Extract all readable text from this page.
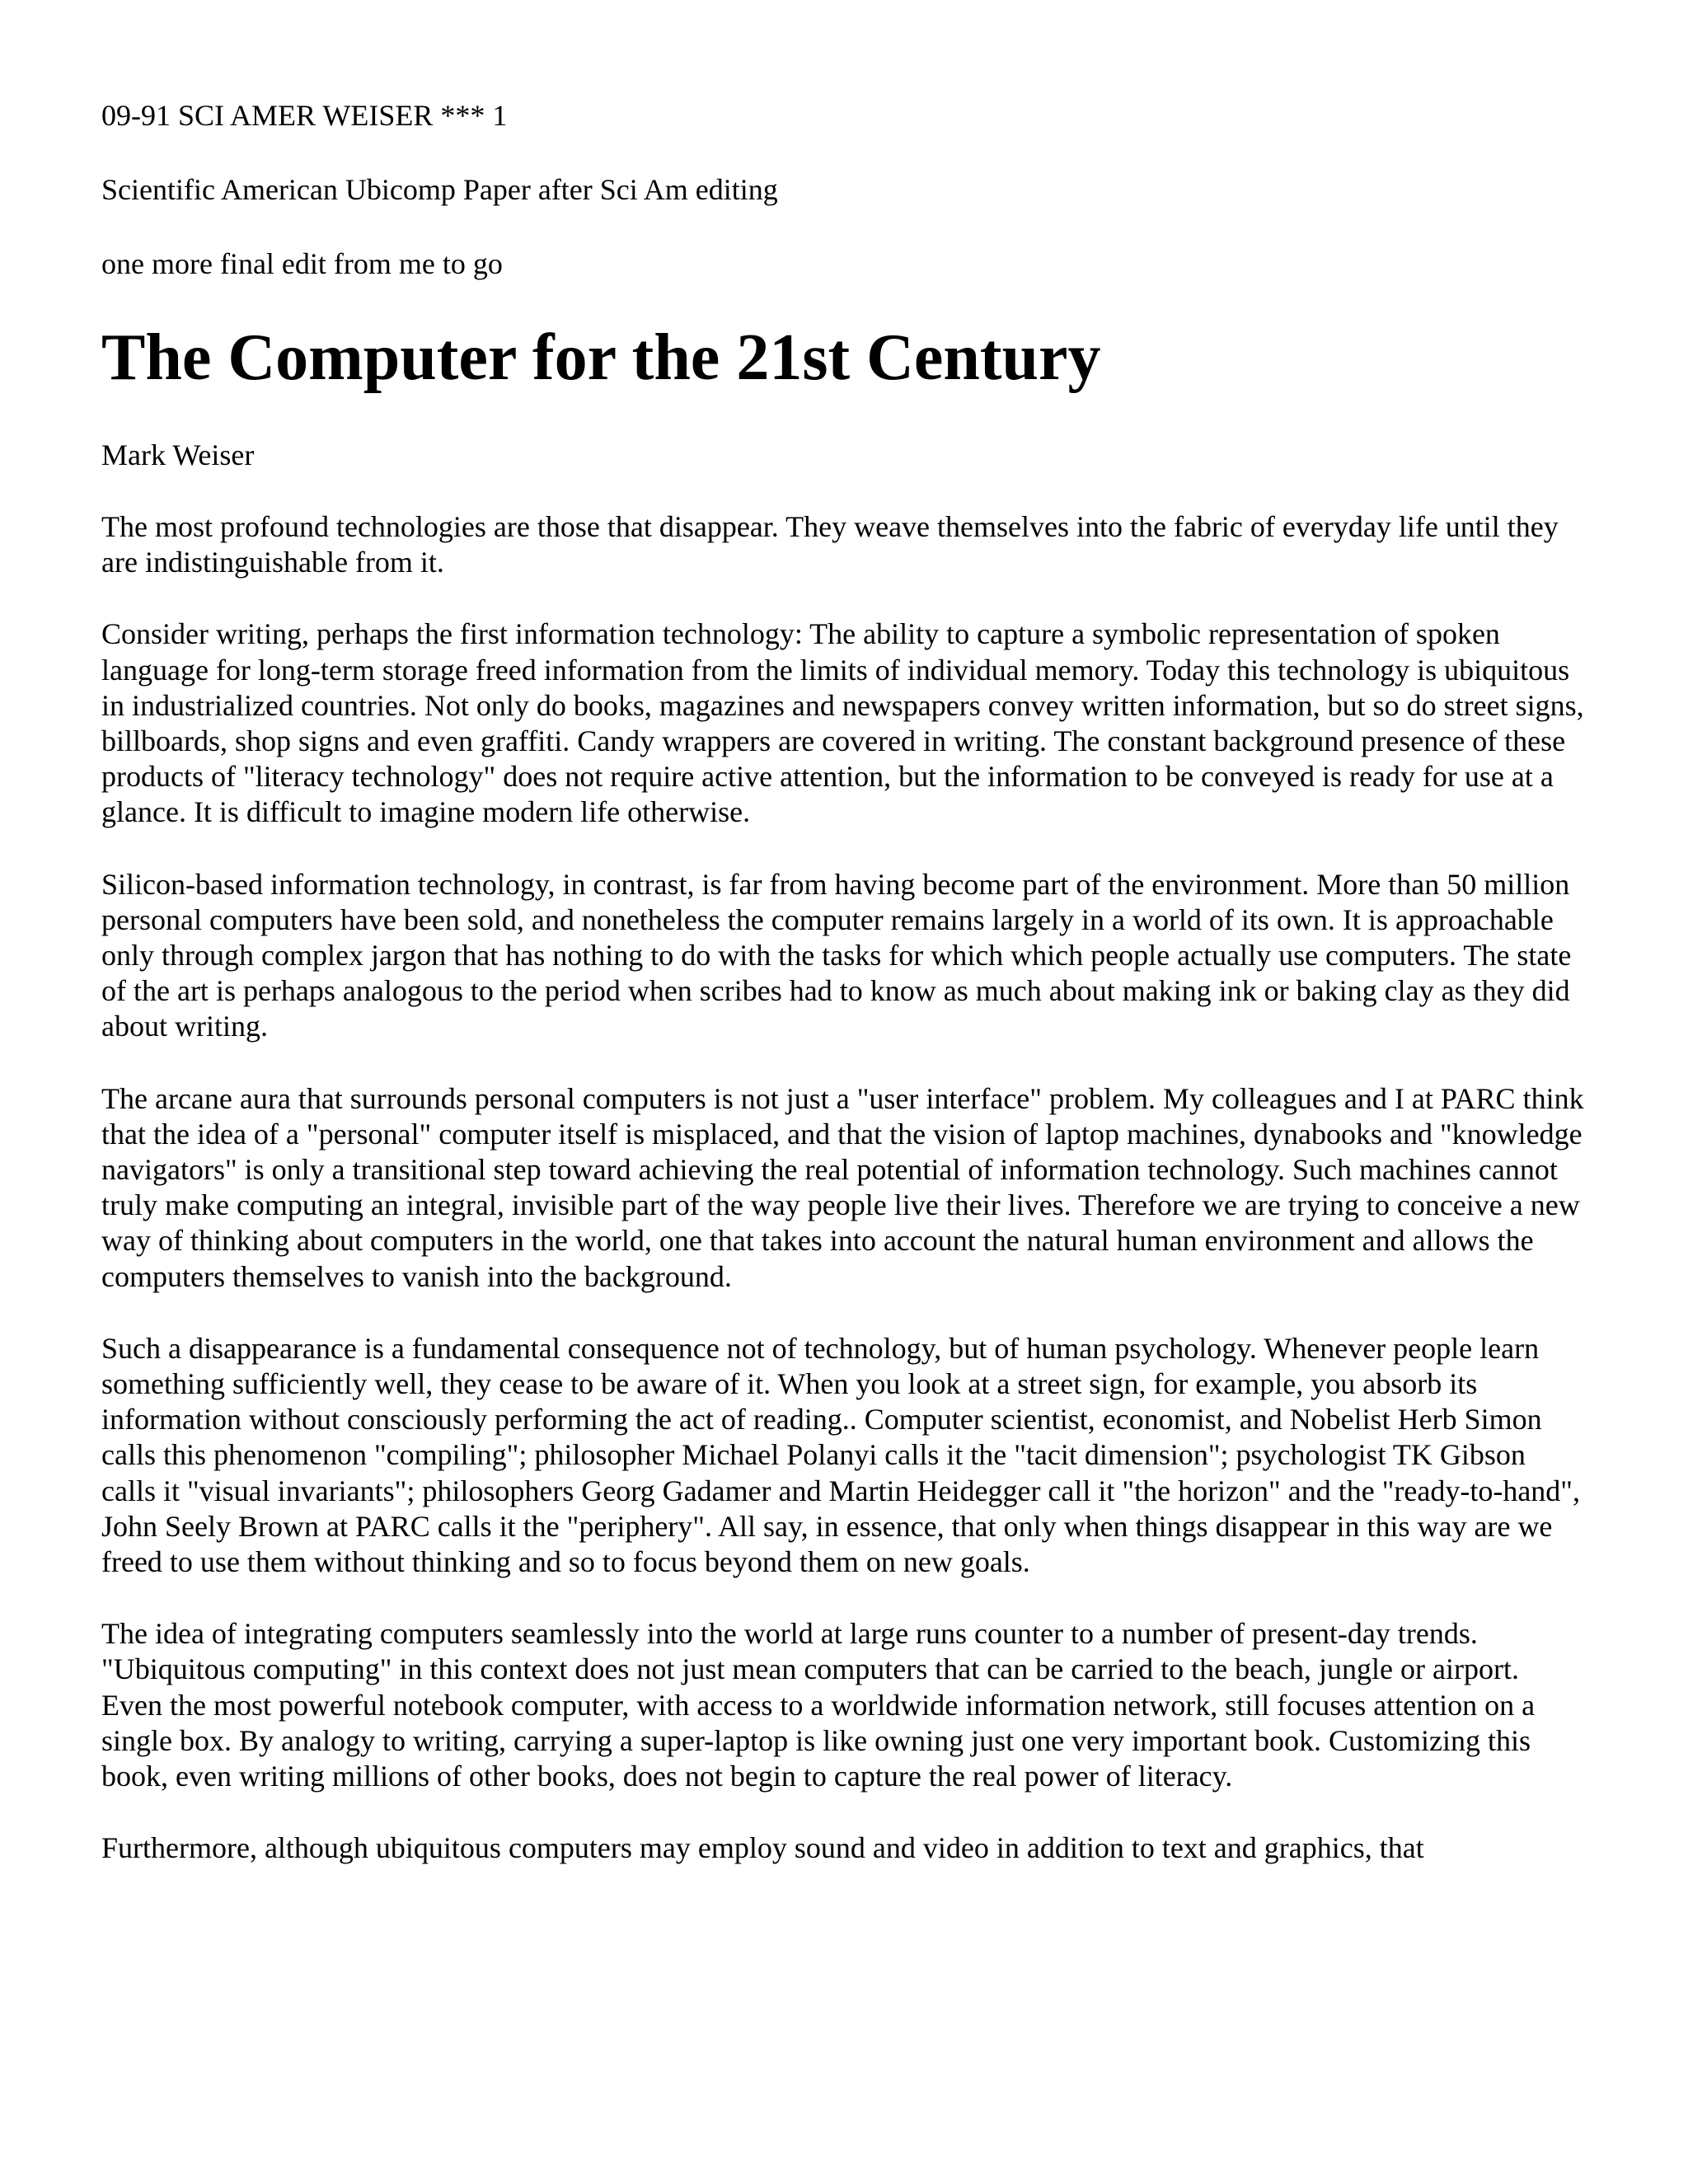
09-91 SCI AMER WEISER *** 1
Scientific American Ubicomp Paper after Sci Am editing
one more final edit from me to go
The Computer for the 21st Century
Mark Weiser

The most profound technologies are those that disappear. They weave themselves into the fabric of everyday life until they are indistinguishable from it.

Consider writing, perhaps the first information technology: The ability to capture a symbolic representation of spoken language for long-term storage freed information from the limits of individual memory. Today this technology is ubiquitous in industrialized countries. Not only do books, magazines and newspapers convey written information, but so do street signs, billboards, shop signs and even graffiti. Candy wrappers are covered in writing. The constant background presence of these products of "literacy technology" does not require active attention, but the information to be conveyed is ready for use at a glance. It is difficult to imagine modern life otherwise.

Silicon-based information technology, in contrast, is far from having become part of the environment. More than 50 million personal computers have been sold, and nonetheless the computer remains largely in a world of its own. It is approachable only through complex jargon that has nothing to do with the tasks for which which people actually use computers. The state of the art is perhaps analogous to the period when scribes had to know as much about making ink or baking clay as they did about writing.

The arcane aura that surrounds personal computers is not just a "user interface" problem. My colleagues and I at PARC think that the idea of a "personal" computer itself is misplaced, and that the vision of laptop machines, dynabooks and "knowledge navigators" is only a transitional step toward achieving the real potential of information technology. Such machines cannot truly make computing an integral, invisible part of the way people live their lives. Therefore we are trying to conceive a new way of thinking about computers in the world, one that takes into account the natural human environment and allows the computers themselves to vanish into the background.

Such a disappearance is a fundamental consequence not of technology, but of human psychology. Whenever people learn something sufficiently well, they cease to be aware of it. When you look at a street sign, for example, you absorb its information without consciously performing the act of reading.. Computer scientist, economist, and Nobelist Herb Simon calls this phenomenon "compiling"; philosopher Michael Polanyi calls it the "tacit dimension"; psychologist TK Gibson calls it "visual invariants"; philosophers Georg Gadamer and Martin Heidegger call it "the horizon" and the "ready-to-hand", John Seely Brown at PARC calls it the "periphery". All say, in essence, that only when things disappear in this way are we freed to use them without thinking and so to focus beyond them on new goals.

The idea of integrating computers seamlessly into the world at large runs counter to a number of present-day trends. "Ubiquitous computing" in this context does not just mean computers that can be carried to the beach, jungle or airport. Even the most powerful notebook computer, with access to a worldwide information network, still focuses attention on a single box. By analogy to writing, carrying a super-laptop is like owning just one very important book. Customizing this book, even writing millions of other books, does not begin to capture the real power of literacy.

Furthermore, although ubiquitous computers may employ sound and video in addition to text and graphics, that
